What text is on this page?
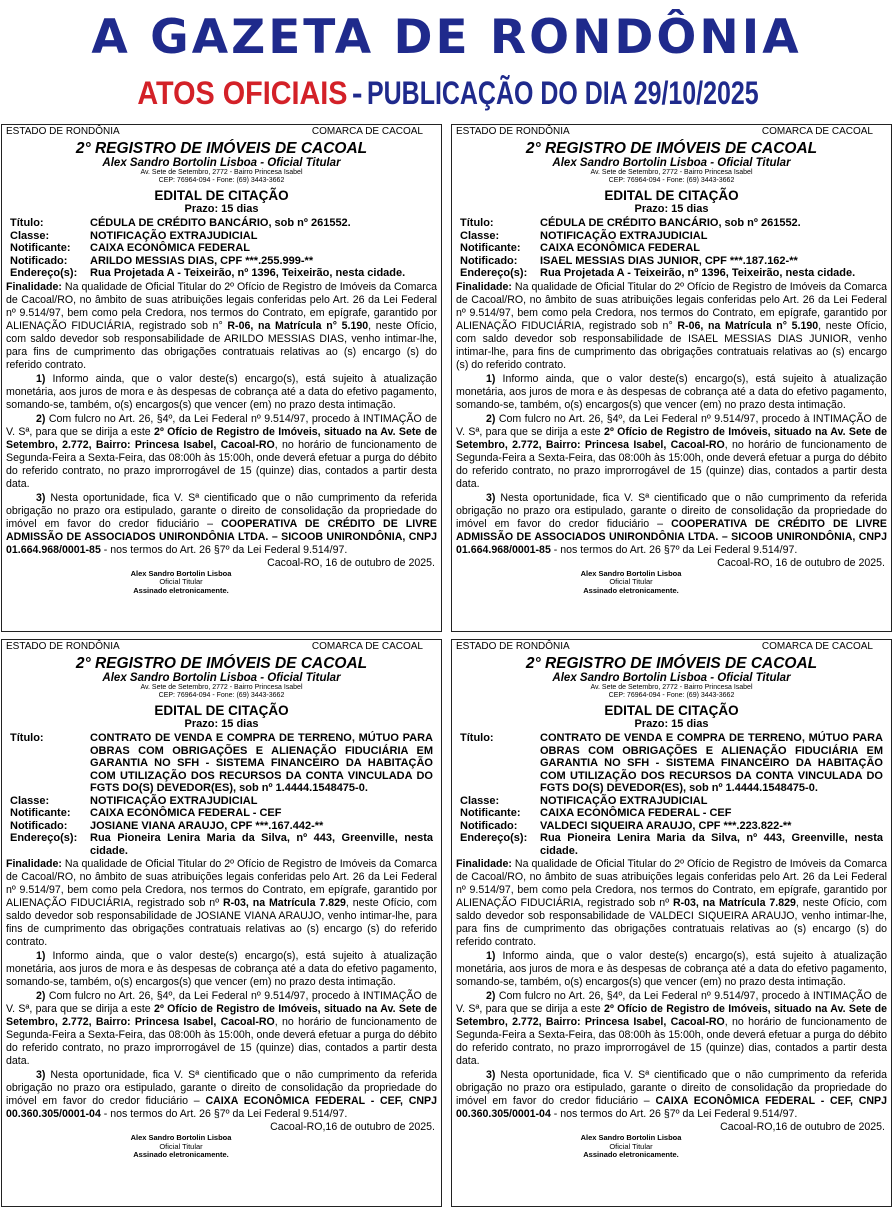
A GAZETA DE RONDÔNIA
ATOS OFICIAIS - PUBLICAÇÃO DO DIA 29/10/2025
ESTADO DE RONDÔNIA	COMARCA DE CACOAL
2° REGISTRO DE IMÓVEIS DE CACOAL
Alex Sandro Bortolin Lisboa - Oficial Titular
Av. Sete de Setembro, 2772 - Bairro Princesa Isabel
CEP: 76964-094 - Fone: (69) 3443-3662
EDITAL DE CITAÇÃO
Prazo: 15 dias
Título:	CÉDULA DE CRÉDITO BANCÁRIO, sob nº 261552.
Classe:	NOTIFICAÇÃO EXTRAJUDICIAL
Notificante:	CAIXA ECONÔMICA FEDERAL
Notificado:	ARILDO MESSIAS DIAS, CPF ***.255.999-**
Endereço(s):	Rua Projetada A - Teixeirão, nº 1396, Teixeirão, nesta cidade.
Finalidade: Na qualidade de Oficial Titular do 2º Ofício de Registro de Imóveis da Comarca de Cacoal/RO, no âmbito de suas atribuições legais conferidas pelo Art. 26 da Lei Federal nº 9.514/97, bem como pela Credora, nos termos do Contrato, em epígrafe, garantido por ALIENAÇÃO FIDUCIÁRIA, registrado sob n° R-06, na Matrícula n° 5.190, neste Ofício, com saldo devedor sob responsabilidade de ARILDO MESSIAS DIAS, venho intimar-lhe, para fins de cumprimento das obrigações contratuais relativas ao (s) encargo (s) do referido contrato.
1) Informo ainda, que o valor deste(s) encargo(s), está sujeito à atualização monetária, aos juros de mora e às despesas de cobrança até a data do efetivo pagamento, somando-se, também, o(s) encargos(s) que vencer (em) no prazo desta intimação.
2) Com fulcro no Art. 26, §4º, da Lei Federal nº 9.514/97, procedo à INTIMAÇÃO de V. Sª, para que se dirija a este 2º Ofício de Registro de Imóveis, situado na Av. Sete de Setembro, 2.772, Bairro: Princesa Isabel, Cacoal-RO, no horário de funcionamento de Segunda-Feira a Sexta-Feira, das 08:00h às 15:00h, onde deverá efetuar a purga do débito do referido contrato, no prazo improrrogável de 15 (quinze) dias, contados a partir desta data.
3) Nesta oportunidade, fica V. Sª cientificado que o não cumprimento da referida obrigação no prazo ora estipulado, garante o direito de consolidação da propriedade do imóvel em favor do credor fiduciário – COOPERATIVA DE CRÉDITO DE LIVRE ADMISSÃO DE ASSOCIADOS UNIRONDÔNIA LTDA. – SICOOB UNIRONDÔNIA, CNPJ 01.664.968/0001-85 - nos termos do Art. 26 §7º da Lei Federal 9.514/97.
Cacoal-RO, 16 de outubro de 2025.
Alex Sandro Bortolin Lisboa
Oficial Titular
Assinado eletronicamente.
ESTADO DE RONDÔNIA	COMARCA DE CACOAL
2° REGISTRO DE IMÓVEIS DE CACOAL
Alex Sandro Bortolin Lisboa - Oficial Titular
Av. Sete de Setembro, 2772 - Bairro Princesa Isabel
CEP: 76964-094 - Fone: (69) 3443-3662
EDITAL DE CITAÇÃO
Prazo: 15 dias
Título:	CÉDULA DE CRÉDITO BANCÁRIO, sob nº 261552.
Classe:	NOTIFICAÇÃO EXTRAJUDICIAL
Notificante:	CAIXA ECONÔMICA FEDERAL
Notificado:	ISAEL MESSIAS DIAS JUNIOR, CPF ***.187.162-**
Endereço(s):	Rua Projetada A - Teixeirão, nº 1396, Teixeirão, nesta cidade.
Finalidade: Na qualidade de Oficial Titular do 2º Ofício de Registro de Imóveis da Comarca de Cacoal/RO, no âmbito de suas atribuições legais conferidas pelo Art. 26 da Lei Federal nº 9.514/97, bem como pela Credora, nos termos do Contrato, em epígrafe, garantido por ALIENAÇÃO FIDUCIÁRIA, registrado sob n° R-06, na Matrícula n° 5.190, neste Ofício, com saldo devedor sob responsabilidade de ISAEL MESSIAS DIAS JUNIOR, venho intimar-lhe, para fins de cumprimento das obrigações contratuais relativas ao (s) encargo (s) do referido contrato.
1) Informo ainda, que o valor deste(s) encargo(s), está sujeito à atualização monetária, aos juros de mora e às despesas de cobrança até a data do efetivo pagamento, somando-se, também, o(s) encargos(s) que vencer (em) no prazo desta intimação.
2) Com fulcro no Art. 26, §4º, da Lei Federal nº 9.514/97, procedo à INTIMAÇÃO de V. Sª, para que se dirija a este 2º Ofício de Registro de Imóveis, situado na Av. Sete de Setembro, 2.772, Bairro: Princesa Isabel, Cacoal-RO, no horário de funcionamento de Segunda-Feira a Sexta-Feira, das 08:00h às 15:00h, onde deverá efetuar a purga do débito do referido contrato, no prazo improrrogável de 15 (quinze) dias, contados a partir desta data.
3) Nesta oportunidade, fica V. Sª cientificado que o não cumprimento da referida obrigação no prazo ora estipulado, garante o direito de consolidação da propriedade do imóvel em favor do credor fiduciário – COOPERATIVA DE CRÉDITO DE LIVRE ADMISSÃO DE ASSOCIADOS UNIRONDÔNIA LTDA. – SICOOB UNIRONDÔNIA, CNPJ 01.664.968/0001-85 - nos termos do Art. 26 §7º da Lei Federal 9.514/97.
Cacoal-RO, 16 de outubro de 2025.
Alex Sandro Bortolin Lisboa
Oficial Titular
Assinado eletronicamente.
ESTADO DE RONDÔNIA	COMARCA DE CACOAL
2° REGISTRO DE IMÓVEIS DE CACOAL
Alex Sandro Bortolin Lisboa - Oficial Titular
Av. Sete de Setembro, 2772 - Bairro Princesa Isabel
CEP: 76964-094 - Fone: (69) 3443-3662
EDITAL DE CITAÇÃO
Prazo: 15 dias
Título:	CONTRATO DE VENDA E COMPRA DE TERRENO, MÚTUO PARA OBRAS COM OBRIGAÇÕES E ALIENAÇÃO FIDUCIÁRIA EM GARANTIA NO SFH - SISTEMA FINANCEIRO DA HABITAÇÃO COM UTILIZAÇÃO DOS RECURSOS DA CONTA VINCULADA DO FGTS DO(S) DEVEDOR(ES), sob nº 1.4444.1548475-0.
Classe:	NOTIFICAÇÃO EXTRAJUDICIAL
Notificante:	CAIXA ECONÔMICA FEDERAL - CEF
Notificado:	JOSIANE VIANA ARAUJO, CPF ***.167.442-**
Endereço(s):	Rua Pioneira Lenira Maria da Silva, nº 443, Greenville, nesta cidade.
Finalidade: Na qualidade de Oficial Titular do 2º Ofício de Registro de Imóveis da Comarca de Cacoal/RO, no âmbito de suas atribuições legais conferidas pelo Art. 26 da Lei Federal nº 9.514/97, bem como pela Credora, nos termos do Contrato, em epígrafe, garantido por ALIENAÇÃO FIDUCIÁRIA, registrado sob nº R-03, na Matrícula 7.829, neste Ofício, com saldo devedor sob responsabilidade de JOSIANE VIANA ARAUJO, venho intimar-lhe, para fins de cumprimento das obrigações contratuais relativas ao (s) encargo (s) do referido contrato.
1) Informo ainda, que o valor deste(s) encargo(s), está sujeito à atualização monetária, aos juros de mora e às despesas de cobrança até a data do efetivo pagamento, somando-se, também, o(s) encargos(s) que vencer (em) no prazo desta intimação.
2) Com fulcro no Art. 26, §4º, da Lei Federal nº 9.514/97, procedo à INTIMAÇÃO de V. Sª, para que se dirija a este 2º Ofício de Registro de Imóveis, situado na Av. Sete de Setembro, 2.772, Bairro: Princesa Isabel, Cacoal-RO, no horário de funcionamento de Segunda-Feira a Sexta-Feira, das 08:00h às 15:00h, onde deverá efetuar a purga do débito do referido contrato, no prazo improrrogável de 15 (quinze) dias, contados a partir desta data.
3) Nesta oportunidade, fica V. Sª cientificado que o não cumprimento da referida obrigação no prazo ora estipulado, garante o direito de consolidação da propriedade do imóvel em favor do credor fiduciário – CAIXA ECONÔMICA FEDERAL - CEF, CNPJ 00.360.305/0001-04 - nos termos do Art. 26 §7º da Lei Federal 9.514/97.
Cacoal-RO,16 de outubro de 2025.
Alex Sandro Bortolin Lisboa
Oficial Titular
Assinado eletronicamente.
ESTADO DE RONDÔNIA	COMARCA DE CACOAL
2° REGISTRO DE IMÓVEIS DE CACOAL
Alex Sandro Bortolin Lisboa - Oficial Titular
Av. Sete de Setembro, 2772 - Bairro Princesa Isabel
CEP: 76964-094 - Fone: (69) 3443-3662
EDITAL DE CITAÇÃO
Prazo: 15 dias
Título:	CONTRATO DE VENDA E COMPRA DE TERRENO, MÚTUO PARA OBRAS COM OBRIGAÇÕES E ALIENAÇÃO FIDUCIÁRIA EM GARANTIA NO SFH - SISTEMA FINANCEIRO DA HABITAÇÃO COM UTILIZAÇÃO DOS RECURSOS DA CONTA VINCULADA DO FGTS DO(S) DEVEDOR(ES), sob nº 1.4444.1548475-0.
Classe:	NOTIFICAÇÃO EXTRAJUDICIAL
Notificante:	CAIXA ECONÔMICA FEDERAL - CEF
Notificado:	VALDECI SIQUEIRA ARAUJO, CPF ***.223.822-**
Endereço(s):	Rua Pioneira Lenira Maria da Silva, nº 443, Greenville, nesta cidade.
Finalidade: Na qualidade de Oficial Titular do 2º Ofício de Registro de Imóveis da Comarca de Cacoal/RO, no âmbito de suas atribuições legais conferidas pelo Art. 26 da Lei Federal nº 9.514/97, bem como pela Credora, nos termos do Contrato, em epígrafe, garantido por ALIENAÇÃO FIDUCIÁRIA, registrado sob nº R-03, na Matrícula 7.829, neste Ofício, com saldo devedor sob responsabilidade de VALDECI SIQUEIRA ARAUJO, venho intimar-lhe, para fins de cumprimento das obrigações contratuais relativas ao (s) encargo (s) do referido contrato.
1) Informo ainda, que o valor deste(s) encargo(s), está sujeito à atualização monetária, aos juros de mora e às despesas de cobrança até a data do efetivo pagamento, somando-se, também, o(s) encargos(s) que vencer (em) no prazo desta intimação.
2) Com fulcro no Art. 26, §4º, da Lei Federal nº 9.514/97, procedo à INTIMAÇÃO de V. Sª, para que se dirija a este 2º Ofício de Registro de Imóveis, situado na Av. Sete de Setembro, 2.772, Bairro: Princesa Isabel, Cacoal-RO, no horário de funcionamento de Segunda-Feira a Sexta-Feira, das 08:00h às 15:00h, onde deverá efetuar a purga do débito do referido contrato, no prazo improrrogável de 15 (quinze) dias, contados a partir desta data.
3) Nesta oportunidade, fica V. Sª cientificado que o não cumprimento da referida obrigação no prazo ora estipulado, garante o direito de consolidação da propriedade do imóvel em favor do credor fiduciário – CAIXA ECONÔMICA FEDERAL - CEF, CNPJ 00.360.305/0001-04 - nos termos do Art. 26 §7º da Lei Federal 9.514/97.
Cacoal-RO,16 de outubro de 2025.
Alex Sandro Bortolin Lisboa
Oficial Titular
Assinado eletronicamente.
